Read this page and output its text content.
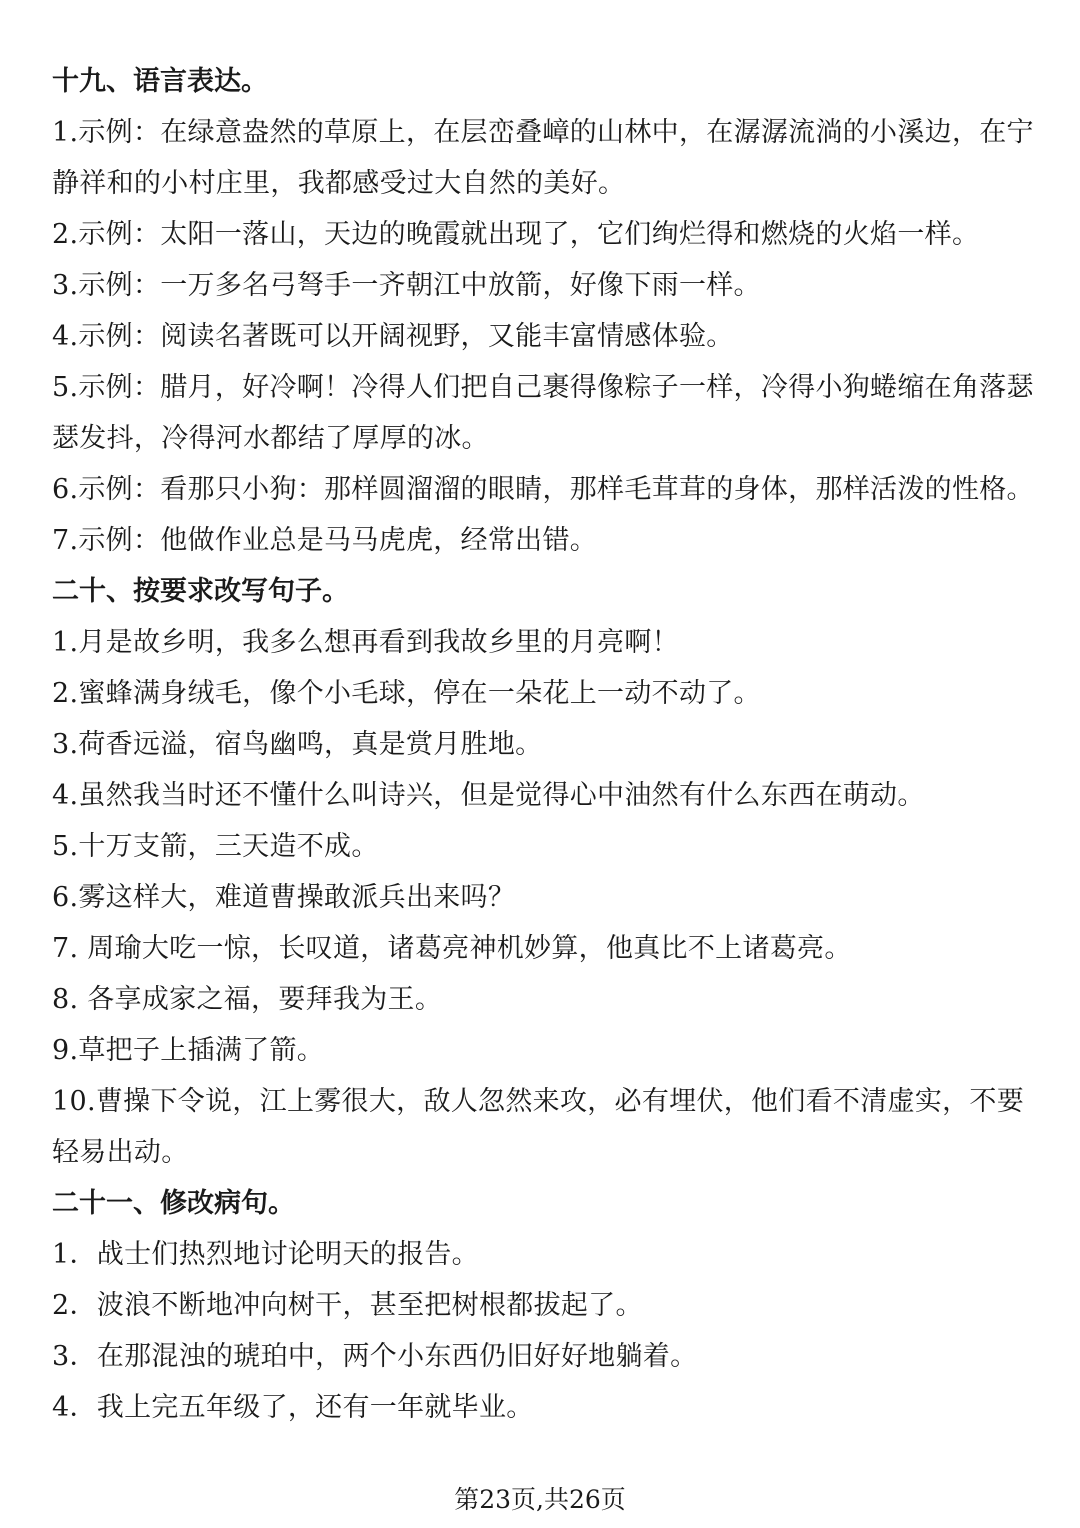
十九、语言表达。
1.示例：在绿意盎然的草原上，在层峦叠嶂的山林中，在潺潺流淌的小溪边，在宁静祥和的小村庄里，我都感受过大自然的美好。
2.示例：太阳一落山，天边的晚霞就出现了，它们绚烂得和燃烧的火焰一样。
3.示例：一万多名弓弩手一齐朝江中放箭，好像下雨一样。
4.示例：阅读名著既可以开阔视野，又能丰富情感体验。
5.示例：腊月，好冷啊！冷得人们把自己裹得像粽子一样，冷得小狗蜷缩在角落瑟瑟发抖，冷得河水都结了厚厚的冰。
6.示例：看那只小狗：那样圆溜溜的眼睛，那样毛茸茸的身体，那样活泼的性格。
7.示例：他做作业总是马马虎虎，经常出错。
二十、按要求改写句子。
1.月是故乡明，我多么想再看到我故乡里的月亮啊！
2.蜜蜂满身绒毛，像个小毛球，停在一朵花上一动不动了。
3.荷香远溢，宿鸟幽鸣，真是赏月胜地。
4.虽然我当时还不懂什么叫诗兴，但是觉得心中油然有什么东西在萌动。
5.十万支箭，三天造不成。
6.雾这样大，难道曹操敢派兵出来吗？
7. 周瑜大吃一惊，长叹道，诸葛亮神机妙算，他真比不上诸葛亮。
8. 各享成家之福，要拜我为王。
9.草把子上插满了箭。
10.曹操下令说，江上雾很大，敌人忽然来攻，必有埋伏，他们看不清虚实，不要轻易出动。
二十一、修改病句。
1．战士们热烈地讨论明天的报告。
2．波浪不断地冲向树干，甚至把树根都拔起了。
3．在那混浊的琥珀中，两个小东西仍旧好好地躺着。
4．我上完五年级了，还有一年就毕业。
第23页,共26页
